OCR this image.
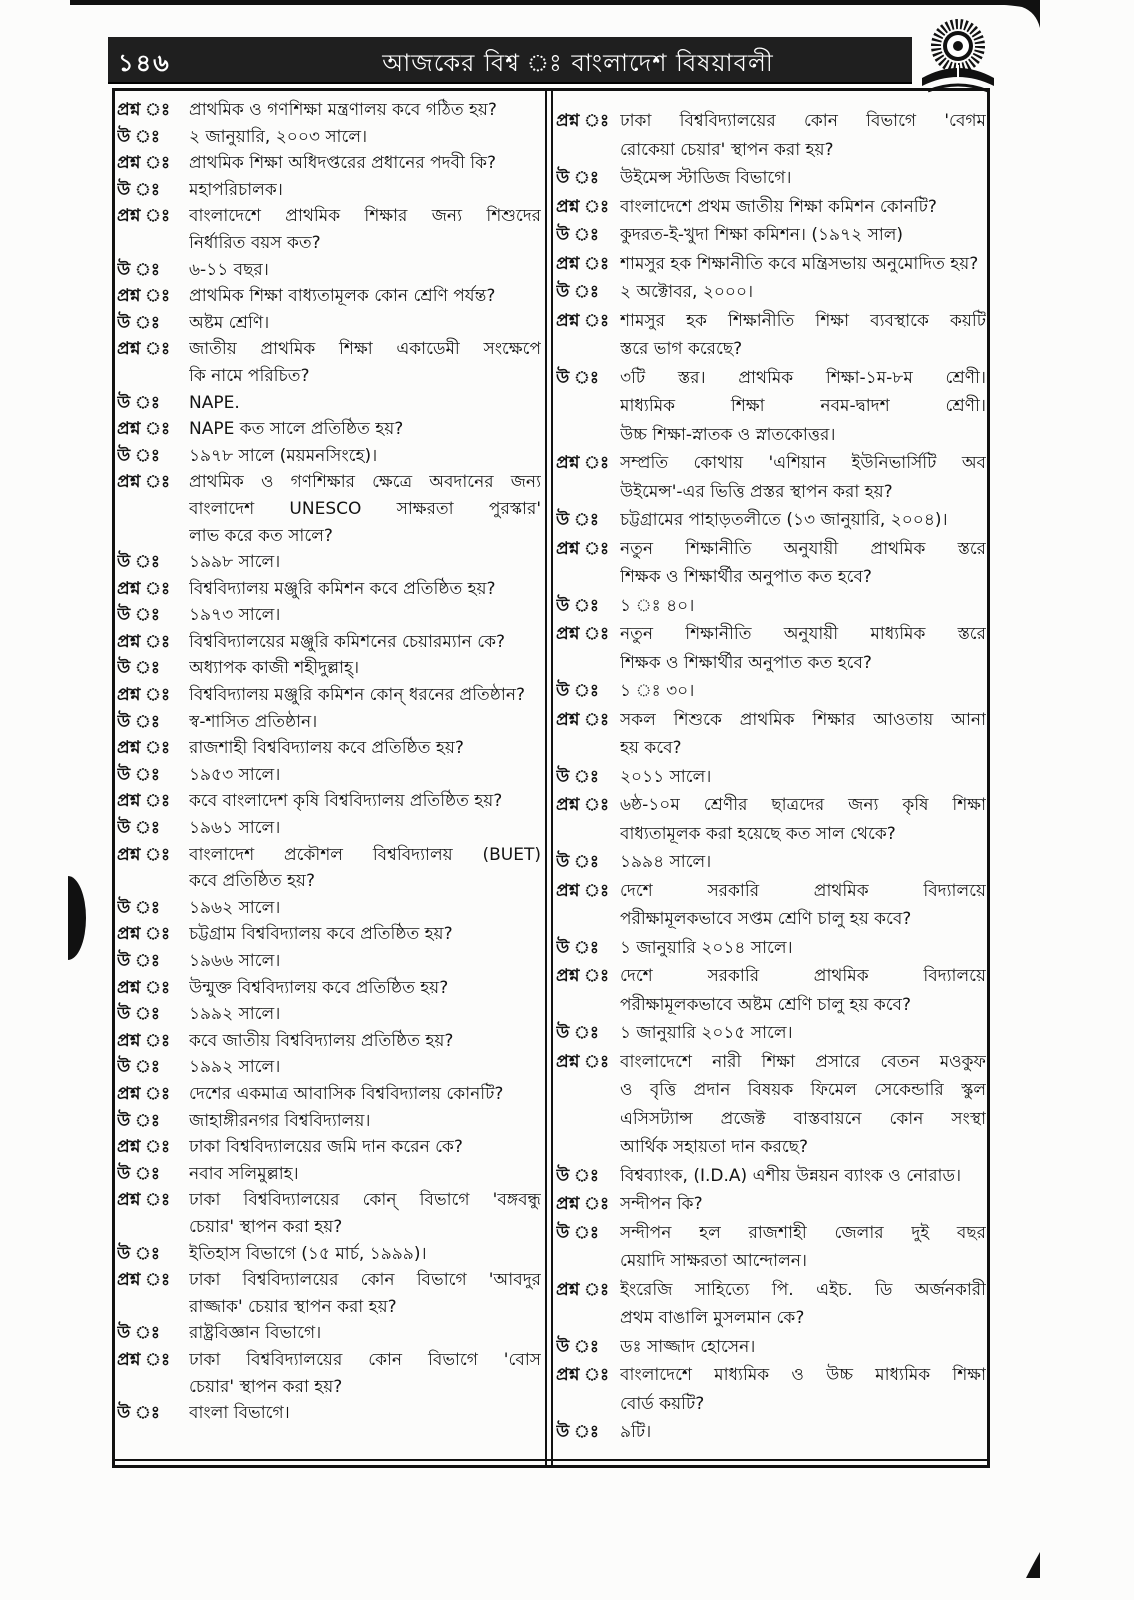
১৪৬	আজকের বিশ্ব ঃ বাংলাদেশ বিষয়াবলী
প্রশ্ন ঃ	প্রাথমিক ও গণশিক্ষা মন্ত্রণালয় কবে গঠিত হয়?
উ ঃ	২ জানুয়ারি, ২০০৩ সালে।
প্রশ্ন ঃ	প্রাথমিক শিক্ষা অধিদপ্তরের প্রধানের পদবী কি?
উ ঃ	মহাপরিচালক।
প্রশ্ন ঃ	বাংলাদেশে প্রাথমিক শিক্ষার জন্য শিশুদের
নির্ধারিত বয়স কত?
উ ঃ	৬-১১ বছর।
প্রশ্ন ঃ	প্রাথমিক শিক্ষা বাধ্যতামূলক কোন শ্রেণি পর্যন্ত?
উ ঃ	অষ্টম শ্রেণি।
প্রশ্ন ঃ	জাতীয় প্রাথমিক শিক্ষা একাডেমী সংক্ষেপে
কি নামে পরিচিত?
উ ঃ	NAPE.
প্রশ্ন ঃ	NAPE কত সালে প্রতিষ্ঠিত হয়?
উ ঃ	১৯৭৮ সালে (ময়মনসিংহে)।
প্রশ্ন ঃ	প্রাথমিক ও গণশিক্ষার ক্ষেত্রে অবদানের জন্য
বাংলাদেশ UNESCO সাক্ষরতা পুরস্কার'
লাভ করে কত সালে?
উ ঃ	১৯৯৮ সালে।
প্রশ্ন ঃ	বিশ্ববিদ্যালয় মঞ্জুরি কমিশন কবে প্রতিষ্ঠিত হয়?
উ ঃ	১৯৭৩ সালে।
প্রশ্ন ঃ	বিশ্ববিদ্যালয়ের মঞ্জুরি কমিশনের চেয়ারম্যান কে?
উ ঃ	অধ্যাপক কাজী শহীদুল্লাহ্।
প্রশ্ন ঃ	বিশ্ববিদ্যালয় মঞ্জুরি কমিশন কোন্ ধরনের প্রতিষ্ঠান?
উ ঃ	স্ব-শাসিত প্রতিষ্ঠান।
প্রশ্ন ঃ	রাজশাহী বিশ্ববিদ্যালয় কবে প্রতিষ্ঠিত হয়?
উ ঃ	১৯৫৩ সালে।
প্রশ্ন ঃ	কবে বাংলাদেশ কৃষি বিশ্ববিদ্যালয় প্রতিষ্ঠিত হয়?
উ ঃ	১৯৬১ সালে।
প্রশ্ন ঃ	বাংলাদেশ প্রকৌশল বিশ্ববিদ্যালয় (BUET)
কবে প্রতিষ্ঠিত হয়?
উ ঃ	১৯৬২ সালে।
প্রশ্ন ঃ	চট্টগ্রাম বিশ্ববিদ্যালয় কবে প্রতিষ্ঠিত হয়?
উ ঃ	১৯৬৬ সালে।
প্রশ্ন ঃ	উন্মুক্ত বিশ্ববিদ্যালয় কবে প্রতিষ্ঠিত হয়?
উ ঃ	১৯৯২ সালে।
প্রশ্ন ঃ	কবে জাতীয় বিশ্ববিদ্যালয় প্রতিষ্ঠিত হয়?
উ ঃ	১৯৯২ সালে।
প্রশ্ন ঃ	দেশের একমাত্র আবাসিক বিশ্ববিদ্যালয় কোনটি?
উ ঃ	জাহাঙ্গীরনগর বিশ্ববিদ্যালয়।
প্রশ্ন ঃ	ঢাকা বিশ্ববিদ্যালয়ের জমি দান করেন কে?
উ ঃ	নবাব সলিমুল্লাহ।
প্রশ্ন ঃ	ঢাকা বিশ্ববিদ্যালয়ের কোন্ বিভাগে 'বঙ্গবন্ধু
চেয়ার' স্থাপন করা হয়?
উ ঃ	ইতিহাস বিভাগে (১৫ মার্চ, ১৯৯৯)।
প্রশ্ন ঃ	ঢাকা বিশ্ববিদ্যালয়ের কোন বিভাগে 'আবদুর
রাজ্জাক' চেয়ার স্থাপন করা হয়?
উ ঃ	রাষ্ট্রবিজ্ঞান বিভাগে।
প্রশ্ন ঃ	ঢাকা বিশ্ববিদ্যালয়ের কোন বিভাগে 'বোস
চেয়ার' স্থাপন করা হয়?
উ ঃ	বাংলা বিভাগে।
প্রশ্ন ঃ ঢাকা বিশ্ববিদ্যালয়ের কোন বিভাগে 'বেগম
রোকেয়া চেয়ার' স্থাপন করা হয়?
উ ঃ	উইমেন্স স্টাডিজ বিভাগে।
প্রশ্ন ঃ বাংলাদেশে প্রথম জাতীয় শিক্ষা কমিশন কোনটি?
উ ঃ	কুদরত-ই-খুদা শিক্ষা কমিশন। (১৯৭২ সাল)
প্রশ্ন ঃ শামসুর হক শিক্ষানীতি কবে মন্ত্রিসভায় অনুমোদিত হয়?
উ ঃ	২ অক্টোবর, ২০০০।
প্রশ্ন ঃ শামসুর হক শিক্ষানীতি শিক্ষা ব্যবস্থাকে কয়টি
স্তরে ভাগ করেছে?
উ ঃ	৩টি স্তর। প্রাথমিক শিক্ষা-১ম-৮ম শ্রেণী।
মাধ্যমিক শিক্ষা নবম-দ্বাদশ শ্রেণী।
উচ্চ শিক্ষা-স্নাতক ও স্নাতকোত্তর।
প্রশ্ন ঃ সম্প্রতি কোথায় 'এশিয়ান ইউনিভার্সিটি অব
উইমেন্স'-এর ভিত্তি প্রস্তর স্থাপন করা হয়?
উ ঃ	চট্টগ্রামের পাহাড়তলীতে (১৩ জানুয়ারি, ২০০৪)।
প্রশ্ন ঃ নতুন শিক্ষানীতি অনুযায়ী প্রাথমিক স্তরে
শিক্ষক ও শিক্ষার্থীর অনুপাত কত হবে?
উ ঃ	১ ঃ ৪০।
প্রশ্ন ঃ নতুন শিক্ষানীতি অনুযায়ী মাধ্যমিক স্তরে
শিক্ষক ও শিক্ষার্থীর অনুপাত কত হবে?
উ ঃ	১ ঃ ৩০।
প্রশ্ন ঃ সকল শিশুকে প্রাথমিক শিক্ষার আওতায় আনা
হয় কবে?
উ ঃ	২০১১ সালে।
প্রশ্ন ঃ ৬ষ্ঠ-১০ম শ্রেণীর ছাত্রদের জন্য কৃষি শিক্ষা
বাধ্যতামূলক করা হয়েছে কত সাল থেকে?
উ ঃ	১৯৯৪ সালে।
প্রশ্ন ঃ দেশে সরকারি প্রাথমিক বিদ্যালয়ে
পরীক্ষামূলকভাবে সপ্তম শ্রেণি চালু হয় কবে?
উ ঃ	১ জানুয়ারি ২০১৪ সালে।
প্রশ্ন ঃ দেশে সরকারি প্রাথমিক বিদ্যালয়ে
পরীক্ষামূলকভাবে অষ্টম শ্রেণি চালু হয় কবে?
উ ঃ	১ জানুয়ারি ২০১৫ সালে।
প্রশ্ন ঃ বাংলাদেশে নারী শিক্ষা প্রসারে বেতন মওকুফ
ও বৃত্তি প্রদান বিষয়ক ফিমেল সেকেন্ডারি স্কুল
এসিসট্যান্স প্রজেক্ট বাস্তবায়নে কোন সংস্থা
আর্থিক সহায়তা দান করছে?
উ ঃ	বিশ্বব্যাংক, (I.D.A) এশীয় উন্নয়ন ব্যাংক ও নোরাড।
প্রশ্ন ঃ সন্দীপন কি?
উ ঃ	সন্দীপন হল রাজশাহী জেলার দুই বছর
মেয়াদি সাক্ষরতা আন্দোলন।
প্রশ্ন ঃ ইংরেজি সাহিত্যে পি. এইচ. ডি অর্জনকারী
প্রথম বাঙালি মুসলমান কে?
উ ঃ	ডঃ সাজ্জাদ হোসেন।
প্রশ্ন ঃ বাংলাদেশে মাধ্যমিক ও উচ্চ মাধ্যমিক শিক্ষা
বোর্ড কয়টি?
উ ঃ	৯টি।
